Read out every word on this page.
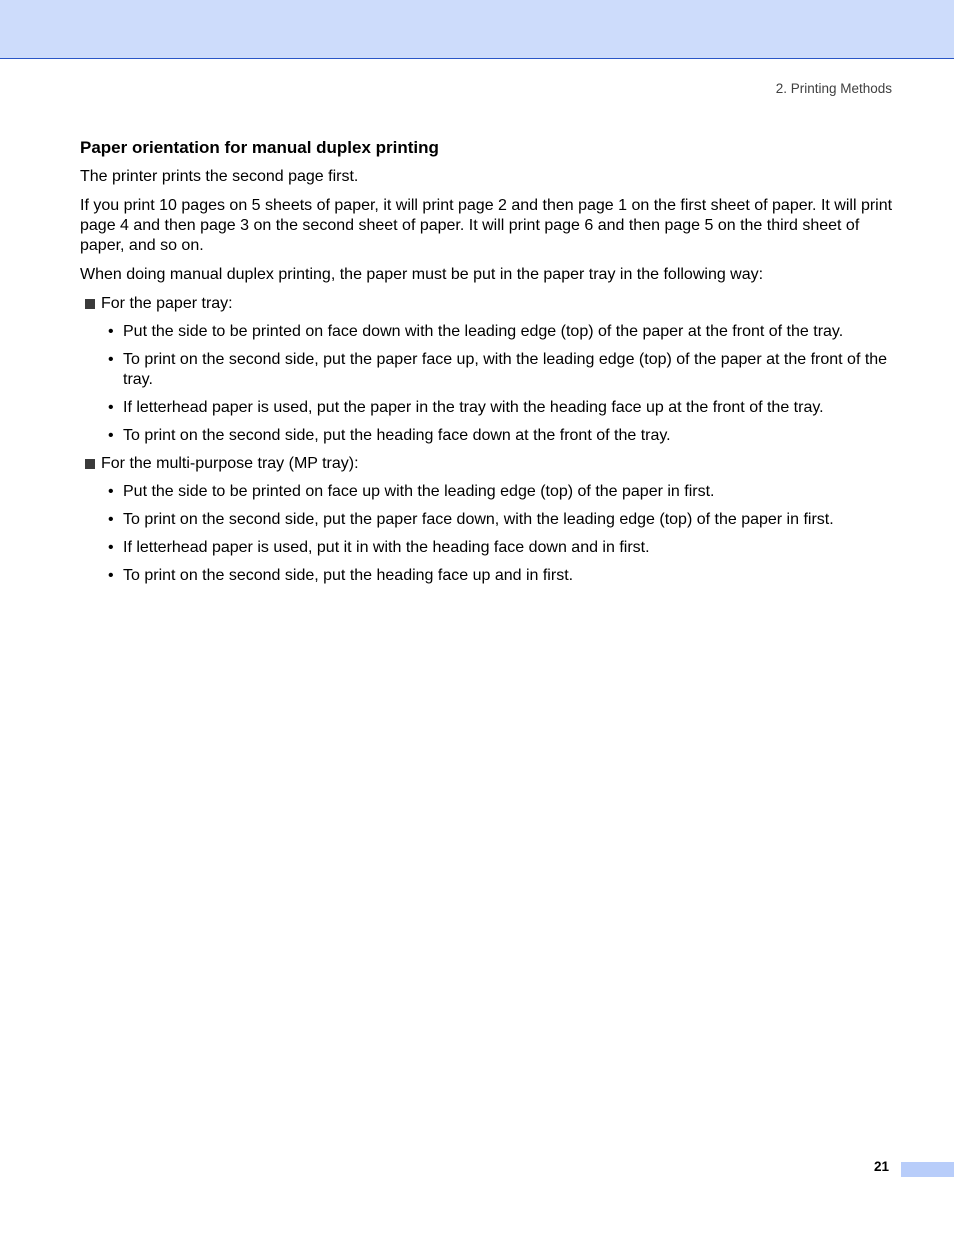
2. Printing Methods
Paper orientation for manual duplex printing

The printer prints the second page first.

If you print 10 pages on 5 sheets of paper, it will print page 2 and then page 1 on the first sheet of paper. It will print page 4 and then page 3 on the second sheet of paper. It will print page 6 and then page 5 on the third sheet of paper, and so on.

When doing manual duplex printing, the paper must be put in the paper tray in the following way:

For the paper tray:
• Put the side to be printed on face down with the leading edge (top) of the paper at the front of the tray.
• To print on the second side, put the paper face up, with the leading edge (top) of the paper at the front of the tray.
• If letterhead paper is used, put the paper in the tray with the heading face up at the front of the tray.
• To print on the second side, put the heading face down at the front of the tray.
For the multi-purpose tray (MP tray):
• Put the side to be printed on face up with the leading edge (top) of the paper in first.
• To print on the second side, put the paper face down, with the leading edge (top) of the paper in first.
• If letterhead paper is used, put it in with the heading face down and in first.
• To print on the second side, put the heading face up and in first.
21
